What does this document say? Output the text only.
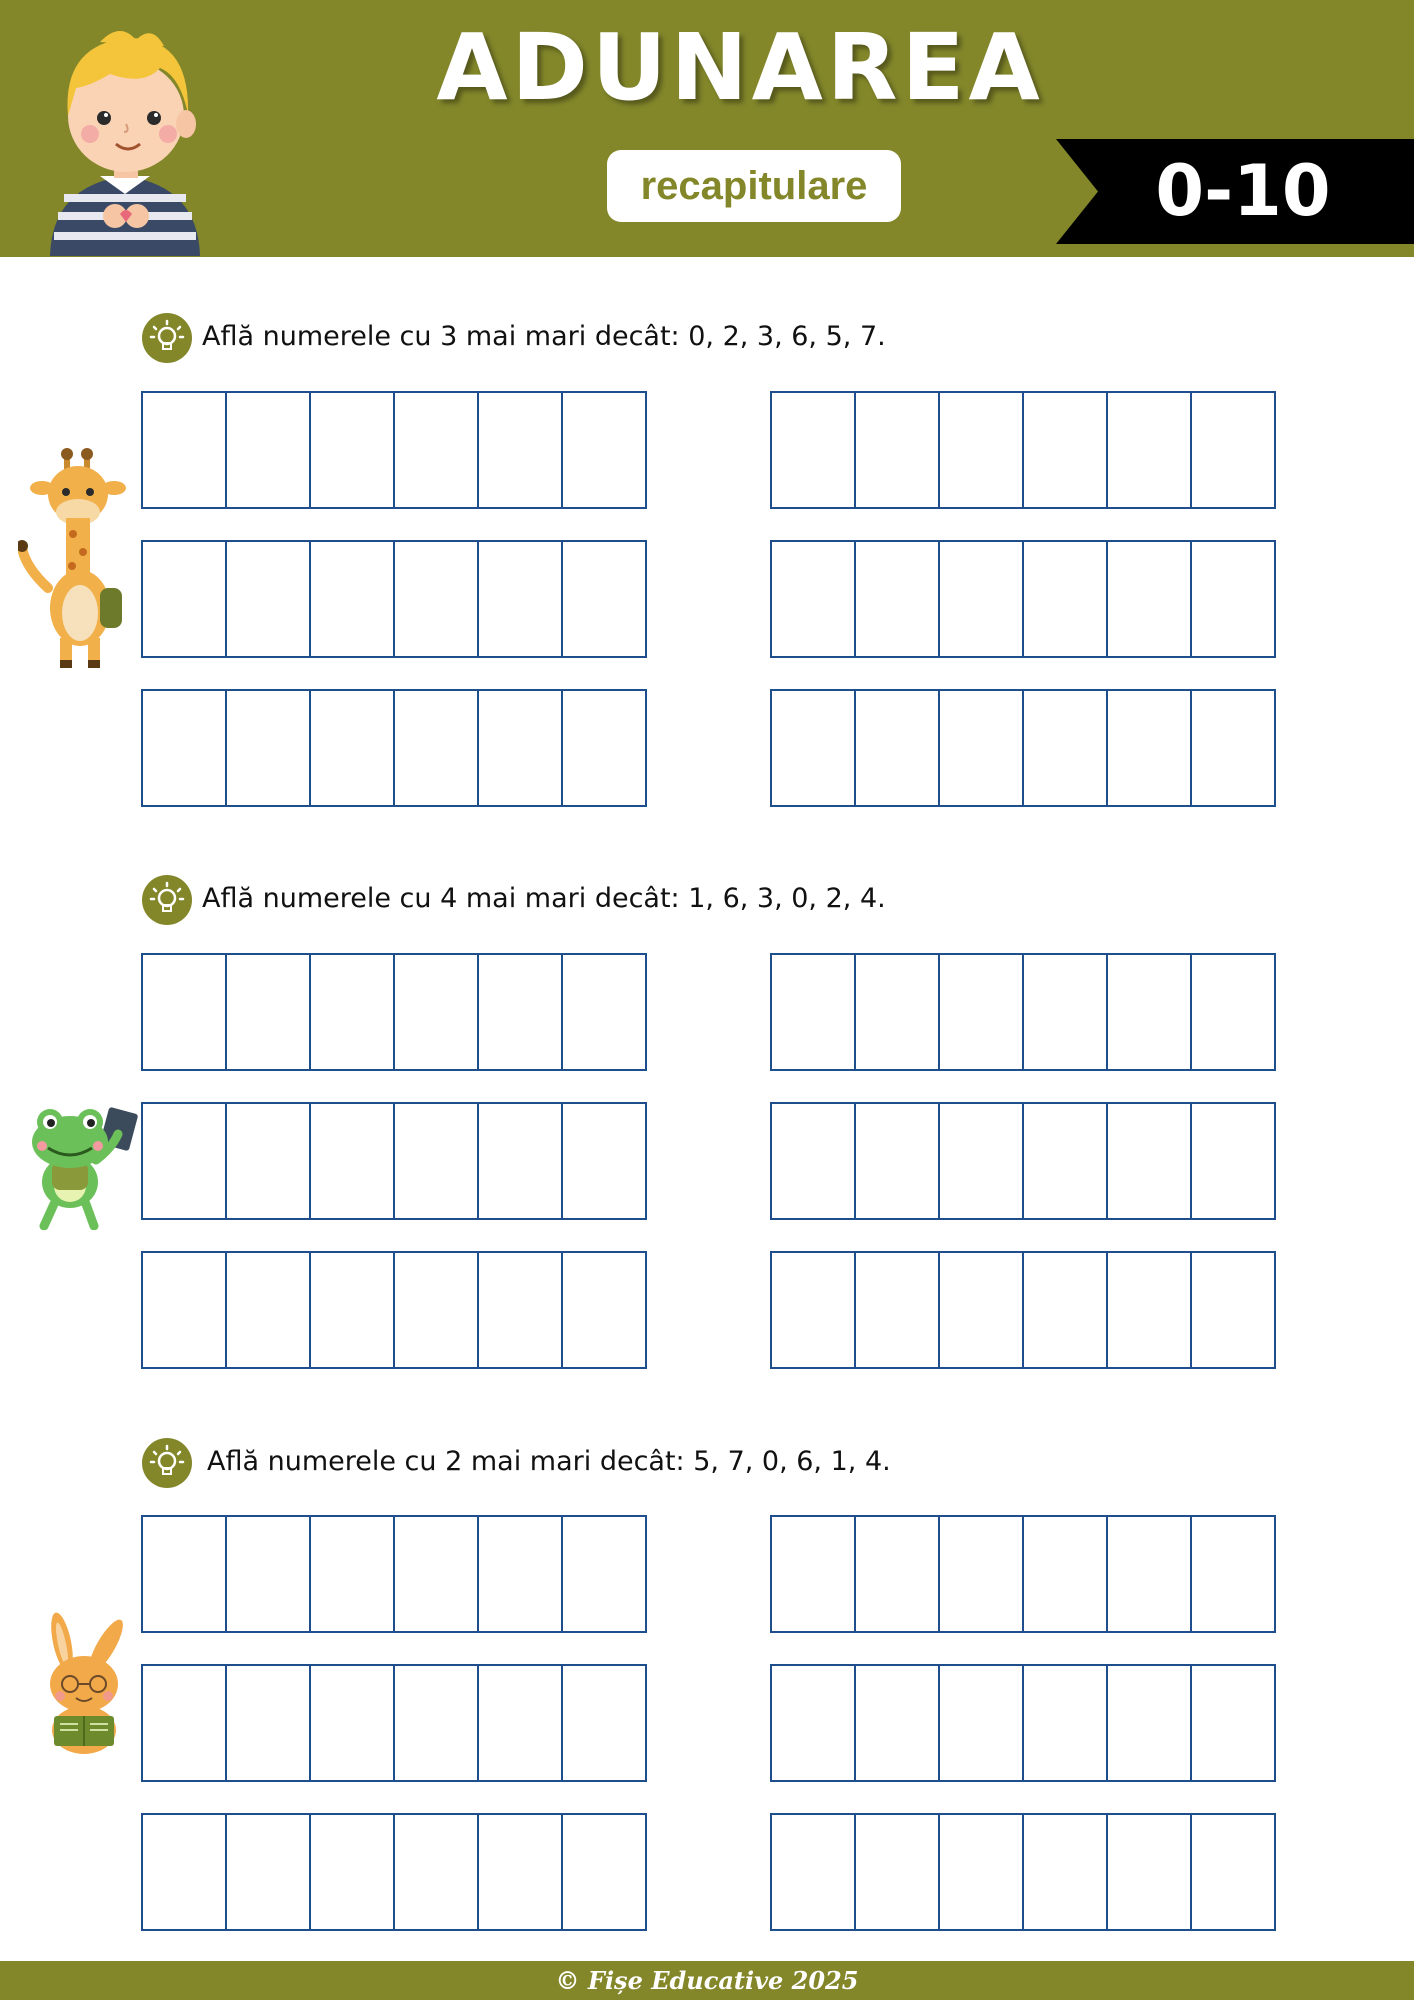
ADUNAREA
recapitulare	0-10
Află numerele cu 3 mai mari decât: 0, 2, 3, 6, 5, 7.
Află numerele cu 4 mai mari decât: 1, 6, 3, 0, 2, 4.
Află numerele cu 2 mai mari decât: 5, 7, 0, 6, 1, 4.
© Fișe Educative 2025
